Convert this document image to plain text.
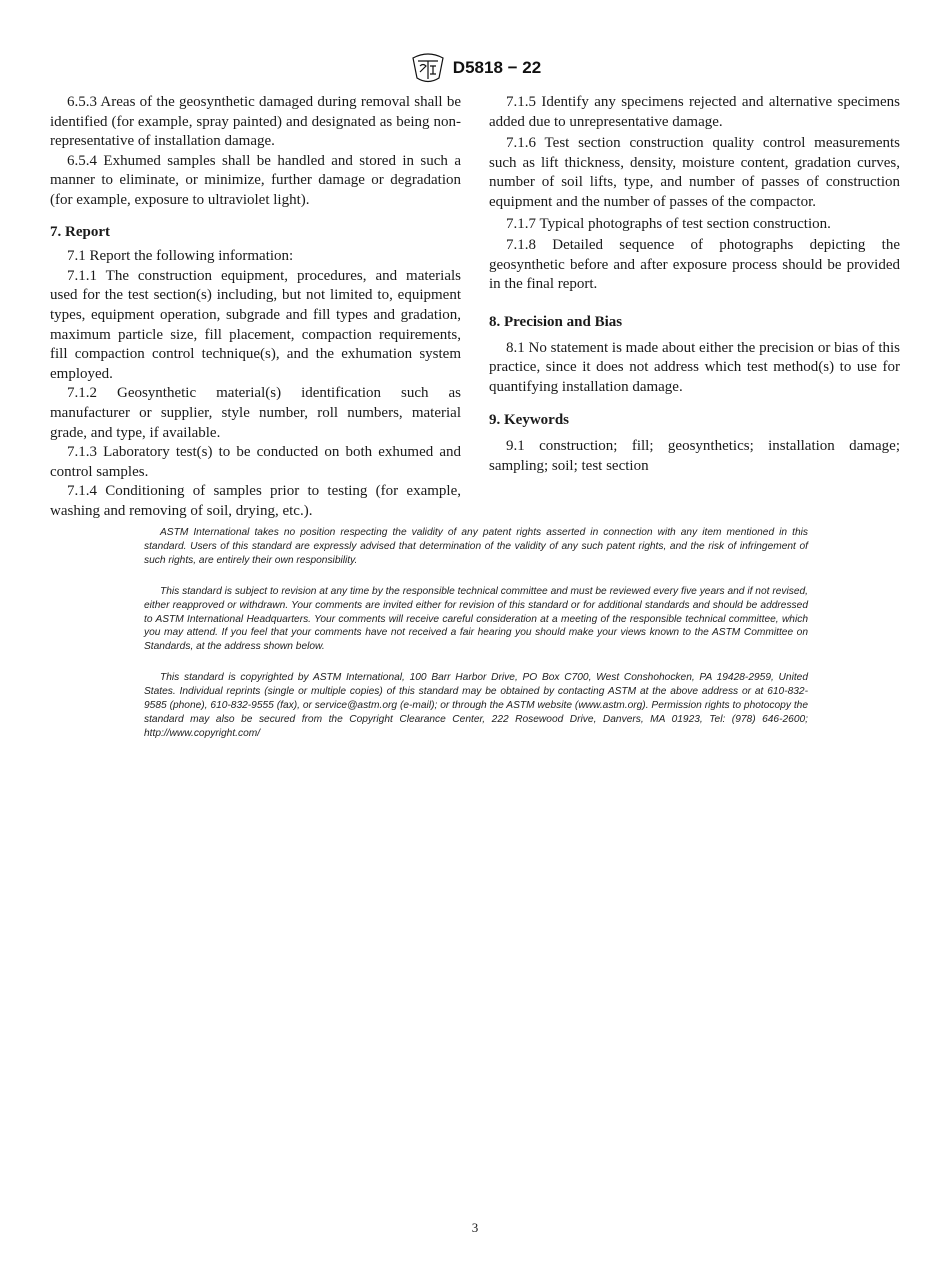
D5818 − 22

6.5.3 Areas of the geosynthetic damaged during removal shall be identified (for example, spray painted) and designated as being non-representative of installation damage.

6.5.4 Exhumed samples shall be handled and stored in such a manner to eliminate, or minimize, further damage or degradation (for example, exposure to ultraviolet light).

7. Report

7.1 Report the following information:

7.1.1 The construction equipment, procedures, and materials used for the test section(s) including, but not limited to, equipment types, equipment operation, subgrade and fill types and gradation, maximum particle size, fill placement, compaction requirements, fill compaction control technique(s), and the exhumation system employed.

7.1.2 Geosynthetic material(s) identification such as manufacturer or supplier, style number, roll numbers, material grade, and type, if available.

7.1.3 Laboratory test(s) to be conducted on both exhumed and control samples.

7.1.4 Conditioning of samples prior to testing (for example, washing and removing of soil, drying, etc.).

7.1.5 Identify any specimens rejected and alternative specimens added due to unrepresentative damage.

7.1.6 Test section construction quality control measurements such as lift thickness, density, moisture content, gradation curves, number of soil lifts, type, and number of passes of construction equipment and the number of passes of the compactor.

7.1.7 Typical photographs of test section construction.

7.1.8 Detailed sequence of photographs depicting the geosynthetic before and after exposure process should be provided in the final report.

8. Precision and Bias

8.1 No statement is made about either the precision or bias of this practice, since it does not address which test method(s) to use for quantifying installation damage.

9. Keywords

9.1 construction; fill; geosynthetics; installation damage; sampling; soil; test section

ASTM International takes no position respecting the validity of any patent rights asserted in connection with any item mentioned in this standard. Users of this standard are expressly advised that determination of the validity of any such patent rights, and the risk of infringement of such rights, are entirely their own responsibility.

This standard is subject to revision at any time by the responsible technical committee and must be reviewed every five years and if not revised, either reapproved or withdrawn. Your comments are invited either for revision of this standard or for additional standards and should be addressed to ASTM International Headquarters. Your comments will receive careful consideration at a meeting of the responsible technical committee, which you may attend. If you feel that your comments have not received a fair hearing you should make your views known to the ASTM Committee on Standards, at the address shown below.

This standard is copyrighted by ASTM International, 100 Barr Harbor Drive, PO Box C700, West Conshohocken, PA 19428-2959, United States. Individual reprints (single or multiple copies) of this standard may be obtained by contacting ASTM at the above address or at 610-832-9585 (phone), 610-832-9555 (fax), or service@astm.org (e-mail); or through the ASTM website (www.astm.org). Permission rights to photocopy the standard may also be secured from the Copyright Clearance Center, 222 Rosewood Drive, Danvers, MA 01923, Tel: (978) 646-2600; http://www.copyright.com/

3
